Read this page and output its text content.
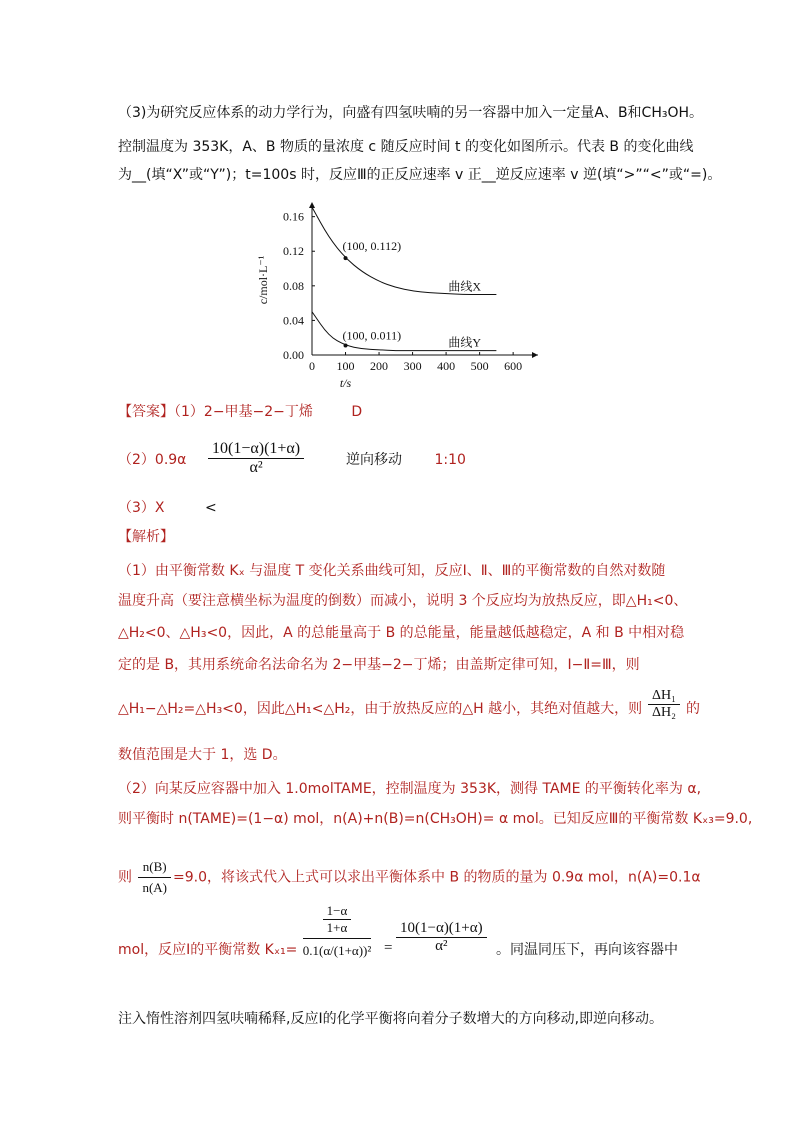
（3)为研究反应体系的动力学行为，向盛有四氢呋喃的另一容器中加入一定量A、B和CH₃OH。
控制温度为 353K，A、B 物质的量浓度 c 随反应时间 t 的变化如图所示。代表 B 的变化曲线
为__(填“X”或“Y”)；t=100s 时，反应Ⅲ的正反应速率 v 正__逆反应速率 v 逆(填“>”“<”或“=)。
0 100 200 300 400 500 600
0.00
0.04
0.08
0.12
0.16
曲线X
曲线Y
(100, 0.112)
(100, 0.011)
c/mol·L⁻¹
t/s
【答案】（1）2−甲基−2−丁烯	D
$(2)0.9\alpha \frac{10(1-\alpha)(1+\alpha)}{\text{α²}}$	逆向移动 1:10
（3）X	<
【解析】
（1）由平衡常数 Kₓ 与温度 T 变化关系曲线可知，反应Ⅰ、Ⅱ、Ⅲ的平衡常数的自然对数随
温度升高（要注意横坐标为温度的倒数）而减小，说明 3 个反应均为放热反应，即△H₁<0、
△H₂<0、△H₃<0，因此，A 的总能量高于 B 的总能量，能量越低越稳定，A 和 B 中相对稳
定的是 B，其用系统命名法命名为 2−甲基−2−丁烯；由盖斯定律可知，Ⅰ−Ⅱ=Ⅲ，则
△H₁−△H₂=△H₃<0，因此△H₁<△H₂，由于放热反应的△H 越小，其绝对值越大，则 $\frac{\text{ΔH₁}}{\text{ΔH₂}}$ 的
数值范围是大于 1，选 D。
（2）向某反应容器中加入 1.0molTAME，控制温度为 353K，测得 TAME 的平衡转化率为 α,
则平衡时 n(TAME)=(1−α) mol，n(A)+n(B)=n(CH₃OH)= α mol。已知反应Ⅲ的平衡常数 Kₓ₃=9.0,
则 $\frac{n(B)}{n(A)} =9.0$，将该式代入上式可以求出平衡体系中 B 的物质的量为 0.9α mol，n(A)=0.1α
mol，反应Ⅰ的平衡常数 $K_{x1}= \frac{\frac{1-\alpha}{1+\alpha}}{\text{0.1(α/(1+α))²}} = \frac{10(1-\alpha)(1+\alpha)}{\text{α²}}$ 。同温同压下，再向该容器中
注入惰性溶剂四氢呋喃稀释,反应Ⅰ的化学平衡将向着分子数增大的方向移动,即逆向移动。
